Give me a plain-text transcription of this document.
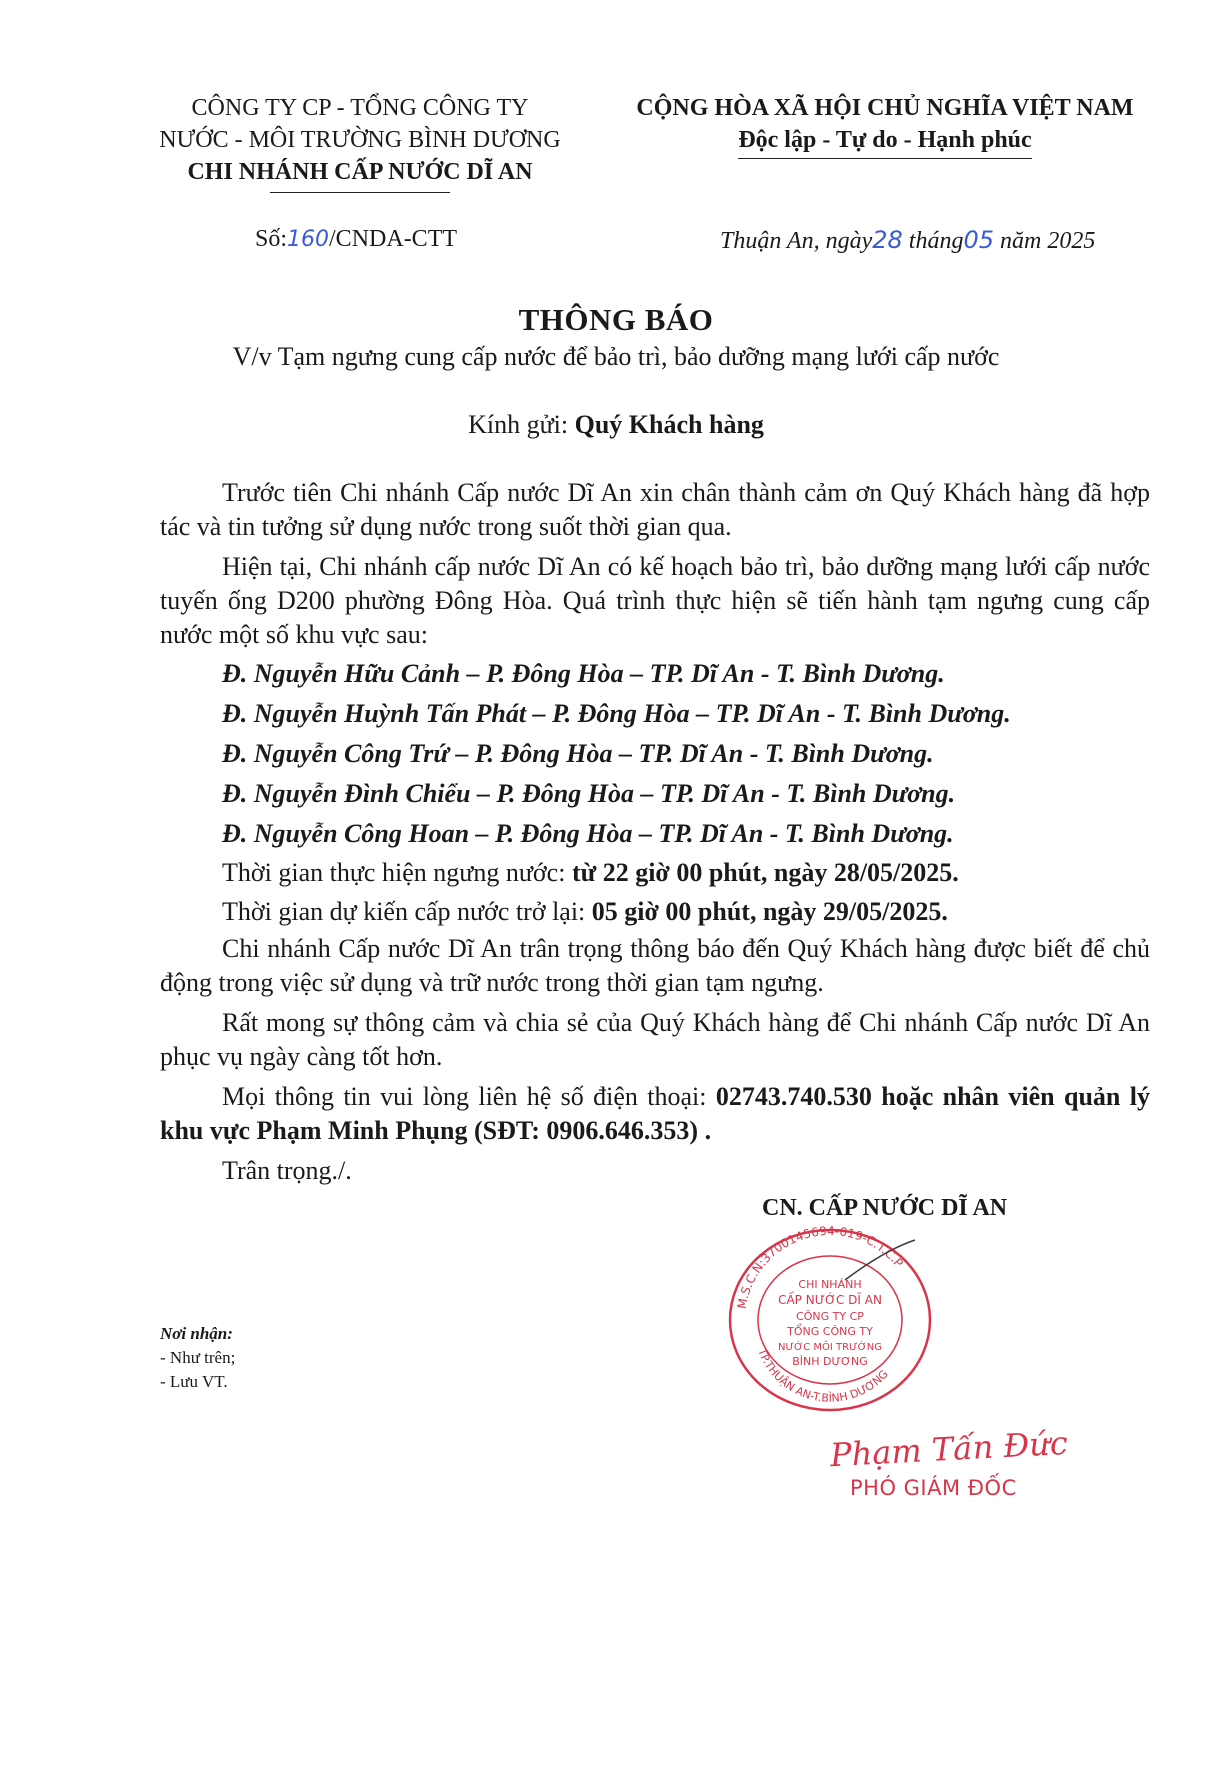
CÔNG TY CP - TỔNG CÔNG TY
NƯỚC - MÔI TRƯỜNG BÌNH DƯƠNG
CHI NHÁNH CẤP NƯỚC DĨ AN
CỘNG HÒA XÃ HỘI CHỦ NGHĨA VIỆT NAM
Độc lập - Tự do - Hạnh phúc
Số:160/CNDA-CTT	Thuận An, ngày28 tháng05 năm 2025
THÔNG BÁO
V/v Tạm ngưng cung cấp nước để bảo trì, bảo dưỡng mạng lưới cấp nước
Kính gửi: Quý Khách hàng

Trước tiên Chi nhánh Cấp nước Dĩ An xin chân thành cảm ơn Quý Khách hàng đã hợp tác và tin tưởng sử dụng nước trong suốt thời gian qua.

Hiện tại, Chi nhánh cấp nước Dĩ An có kế hoạch bảo trì, bảo dưỡng mạng lưới cấp nước tuyến ống D200 phường Đông Hòa. Quá trình thực hiện sẽ tiến hành tạm ngưng cung cấp nước một số khu vực sau:

Đ. Nguyễn Hữu Cảnh – P. Đông Hòa – TP. Dĩ An - T. Bình Dương.
Đ. Nguyễn Huỳnh Tấn Phát – P. Đông Hòa – TP. Dĩ An - T. Bình Dương.
Đ. Nguyễn Công Trứ – P. Đông Hòa – TP. Dĩ An - T. Bình Dương.
Đ. Nguyễn Đình Chiểu – P. Đông Hòa – TP. Dĩ An - T. Bình Dương.
Đ. Nguyễn Công Hoan – P. Đông Hòa – TP. Dĩ An - T. Bình Dương.

Thời gian thực hiện ngưng nước: từ 22 giờ 00 phút, ngày 28/05/2025.

Thời gian dự kiến cấp nước trở lại: 05 giờ 00 phút, ngày 29/05/2025.

Chi nhánh Cấp nước Dĩ An trân trọng thông báo đến Quý Khách hàng được biết để chủ động trong việc sử dụng và trữ nước trong thời gian tạm ngưng.

Rất mong sự thông cảm và chia sẻ của Quý Khách hàng để Chi nhánh Cấp nước Dĩ An phục vụ ngày càng tốt hơn.

Mọi thông tin vui lòng liên hệ số điện thoại: 02743.740.530 hoặc nhân viên quản lý khu vực Phạm Minh Phụng (SĐT: 0906.646.353) .

Trân trọng./.

CN. CẤP NƯỚC DĨ AN
M.S.C.N:3700145694-019-C.T.C.P
TP.THUẬN AN-T.BÌNH DƯƠNG
CHI NHÁNH
CẤP NƯỚC DĨ AN
CÔNG TY CP
TỔNG CÔNG TY
NƯỚC MÔI TRƯỜNG
BÌNH DƯƠNG
Phạm Tấn Đức
PHÓ GIÁM ĐỐC
Nơi nhận:
- Như trên;
- Lưu VT.
